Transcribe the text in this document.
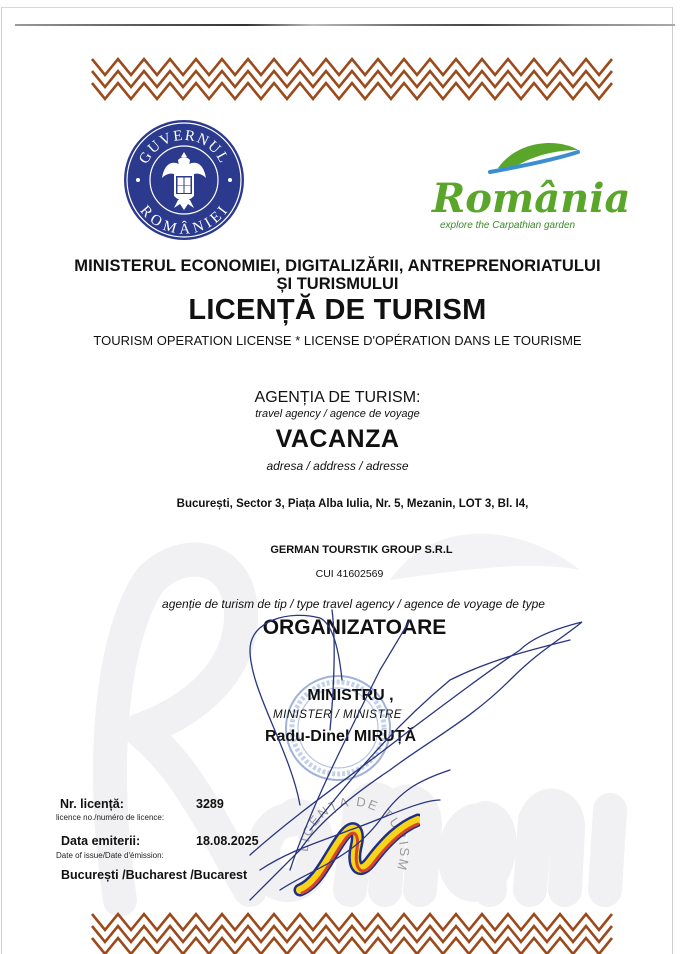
GUVERNUL
ROMÂNIEI	România
explore the Carpathian garden
MINISTERUL ECONOMIEI, DIGITALIZĂRII, ANTREPRENORIATULUI
ȘI TURISMULUI
LICENȚĂ DE TURISM
TOURISM OPERATION LICENSE * LICENSE D'OPÉRATION DANS LE TOURISME
AGENȚIA DE TURISM:
travel agency / agence de voyage
VACANZA
adresa / address / adresse
București, Sector 3, Piața Alba Iulia, Nr. 5, Mezanin, LOT 3, Bl. I4,
GERMAN TOURSTIK GROUP S.R.L
CUI 41602569
agenție de turism de tip / type travel agency / agence de voyage de type
ORGANIZATOARE
MINISTRU ,
MINISTER / MINISTRE
Radu-Dinel MIRUȚĂ
Nr. licență:
licence no./numéro de licence:
3289
Data emiterii:
Date of issue/Date d'émission:
18.08.2025
București /Bucharest /Bucarest
LICENȚA DE TURISM
